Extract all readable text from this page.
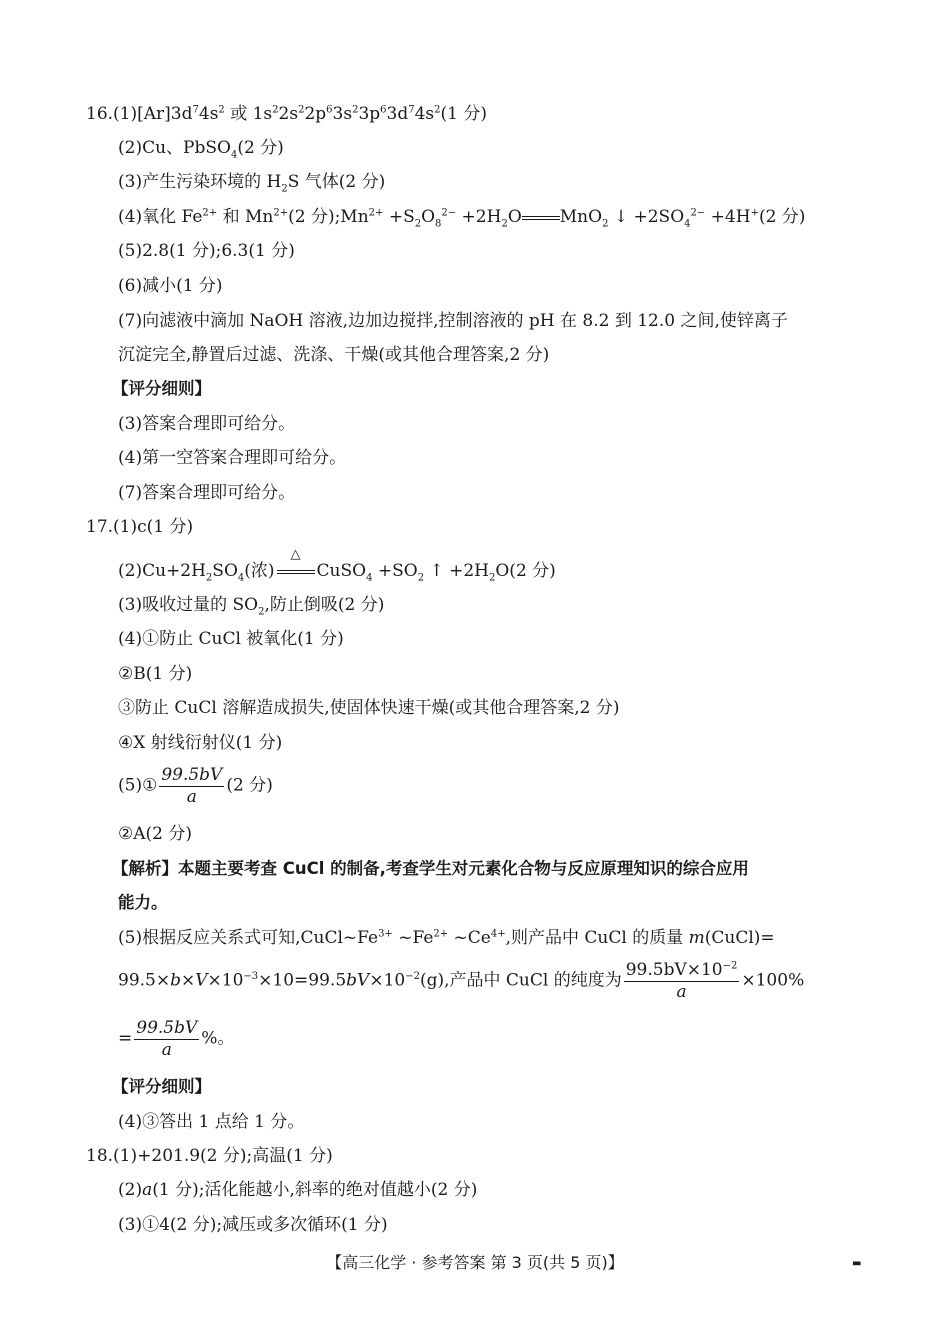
$16.(1)[Ar]3d^74s^2$ 或 $1s^22s^22p^63s^23p^63d^74s^2(1$ 分)
(2)Cu、PbSO$_4$(2 分)
(3)产生污染环境的 $H_2S$ 气体(2 分)
(4)氧化 $Fe^{2+}$ 和 $Mn^{2+}(2$ 分)$;Mn^{2+} +S_2O_8^{2-} +2H_2O$ MnO$_2$ ↓ $+2SO_4^{2-} +4H^+(2$ 分)
(5)2.8(1 分);6.3(1 分)
(6)减小(1 分)
(7)向滤液中滴加 NaOH 溶液,边加边搅拌,控制溶液的 pH 在 8.2 到 12.0 之间,使锌离子
沉淀完全,静置后过滤、洗涤、干燥(或其他合理答案,2 分)
【评分细则】
(3)答案合理即可给分。
(4)第一空答案合理即可给分。
(7)答案合理即可给分。
17.(1)c(1 分)
$(2)Cu+2H_2SO_4$(浓)
△
CuSO$_4$ $+SO_2$ ↑ $+2H_2O(2$ 分)
(3)吸收过量的 $SO_2$,防止倒吸(2 分)
(4)①防止 CuCl 被氧化(1 分)
②B(1 分)
③防止 CuCl 溶解造成损失,使固体快速干燥(或其他合理答案,2 分)
④X 射线衍射仪(1 分)
(5)① $\frac{99.5bV}{a} (2$ 分)
②A(2 分)
【解析】本题主要考查 CuCl 的制备,考查学生对元素化合物与反应原理知识的综合应用
能力。
(5)根据反应关系式可知$,CuCl\sim Fe^{3+}$ $\sim Fe^{2+}$ $\sim Ce^{4+}$,则产品中 CuCl 的质量 m(CuCl)=
$99.5\times b\times V\times 10^{-3}\times 10=99.5bV\times 10^{-2}(g)$,产品中 CuCl 的纯度为 $\frac{99.5bV\times 10^{-2}}{a} \times 100\%$
= $\frac{99.5bV}{a}$ %。
【评分细则】
(4)③答出 1 点给 1 分。
18.(1)+201.9(2 分);高温(1 分)
(2)a(1 分);活化能越小,斜率的绝对值越小(2 分)
(3)①4(2 分);减压或多次循环(1 分)
【高三化学 · 参考答案 第 3 页(共 5 页)】	▬
